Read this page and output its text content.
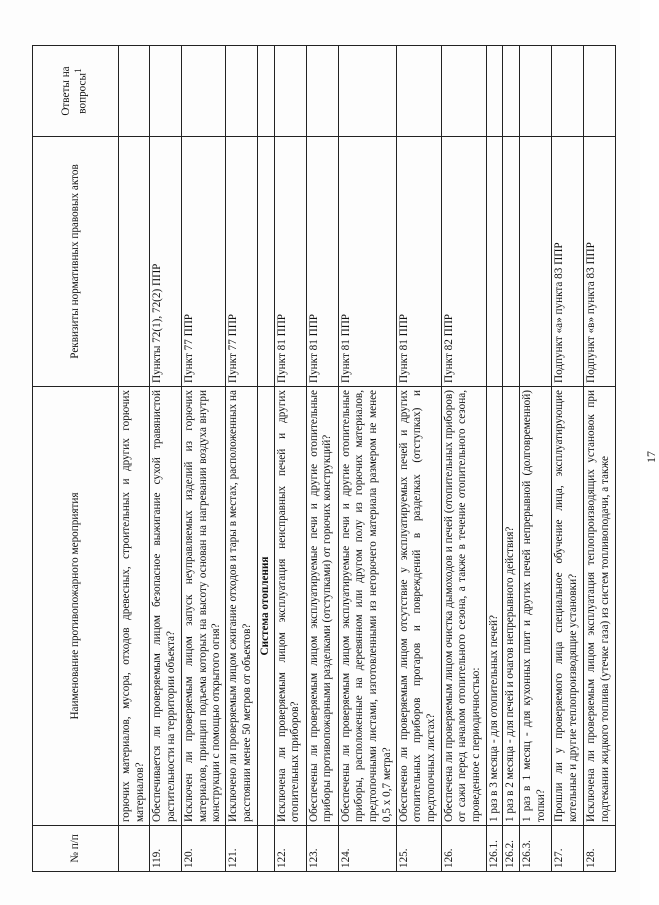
№ п/п	Наименование противопожарного мероприятия	Реквизиты нормативных правовых актов	Ответы на вопросы$^1$
	горючих материалов, мусора, отходов древесных, строительных и других горючих материалов?		
119.	Обеспечивается ли проверяемым лицом безопасное выжигание сухой травянистой растительности на территории объекта?	Пункты 72(1), 72(2) ППР	
120.	Исключен ли проверяемым лицом запуск неуправляемых изделий из горючих материалов, принцип подъема которых на высоту основан на нагревании воздуха внутри конструкции с помощью открытого огня?	Пункт 77 ППР	
121.	Исключено ли проверяемым лицом сжигание отходов и тары в местах, расположенных на расстоянии менее 50 метров от объектов?	Пункт 77 ППР	
	Система отопления		
122.	Исключена ли проверяемым лицом эксплуатация неисправных печей и других отопительных приборов?	Пункт 81 ППР	
123.	Обеспечены ли проверяемым лицом эксплуатируемые печи и другие отопительные приборы противопожарными разделками (отступками) от горючих конструкций?	Пункт 81 ППР	
124.	Обеспечены ли проверяемым лицом эксплуатируемые печи и другие отопительные приборы, расположенные на деревянном или другом полу из горючих материалов, предтопочными листами, изготовленными из негорючего материала размером не менее 0,5 х 0,7 метра?	Пункт 81 ППР	
125.	Обеспечено ли проверяемым лицом отсутствие у эксплуатируемых печей и других отопительных приборов прогаров и повреждений в разделках (отступках) и предтопочных листах?	Пункт 81 ППР	
126.	Обеспечена ли проверяемым лицом очистка дымоходов и печей (отопительных приборов) от сажи перед началом отопительного сезона, а также в течение отопительного сезона, проведенное с периодичностью:	Пункт 82 ППР	
126.1.	1 раз в 3 месяца - для отопительных печей?		
126.2.	1 раз в 2 месяца - для печей и очагов непрерывного действия?		
126.3.	1 раз в 1 месяц - для кухонных плит и других печей непрерывной (долговременной) топки?		
127.	Прошли ли у проверяемого лица специальное обучение лица, эксплуатирующие котельные и другие теплопроизводящие установки?	Подпункт «а» пункта 83 ППР	
128.	Исключена ли проверяемым лицом эксплуатация теплопроизводящих установок при подтекании жидкого топлива (утечке газа) из систем топливоподачи, а также	Подпункт «в» пункта 83 ППР	
17
